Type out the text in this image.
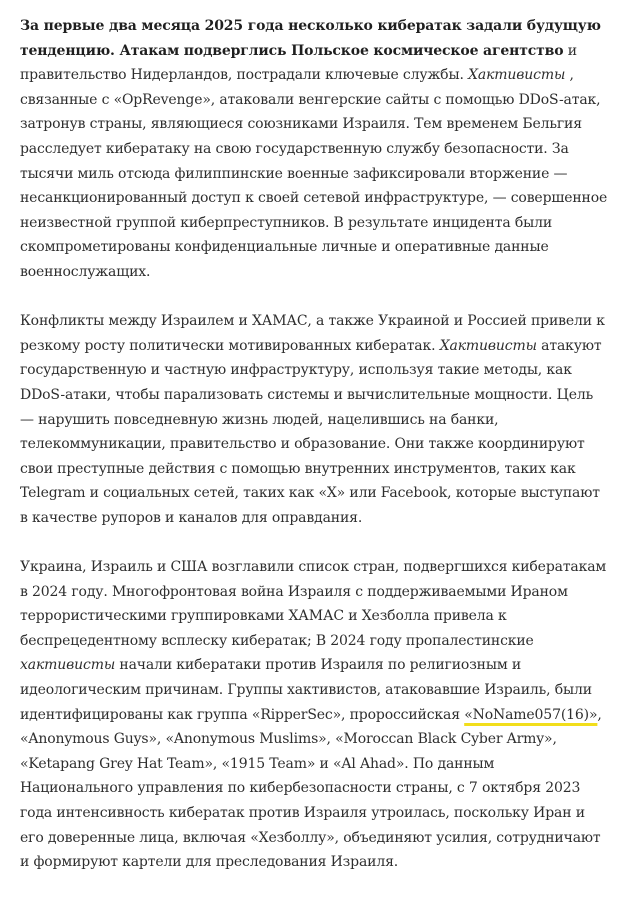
За первые два месяца 2025 года несколько кибератак задали будущую тенденцию. Атакам подверглись Польское космическое агентство и правительство Нидерландов, пострадали ключевые службы. Хактивисты , связанные с «OpRevenge», атаковали венгерские сайты с помощью DDoS-атак, затронув страны, являющиеся союзниками Израиля. Тем временем Бельгия расследует кибератаку на свою государственную службу безопасности. За тысячи миль отсюда филиппинские военные зафиксировали вторжение — несанкционированный доступ к своей сетевой инфраструктуре, — совершенное неизвестной группой киберпреступников. В результате инцидента были скомпрометированы конфиденциальные личные и оперативные данные военнослужащих.

Конфликты между Израилем и ХАМАС, а также Украиной и Россией привели к резкому росту политически мотивированных кибератак. Хактивисты атакуют государственную и частную инфраструктуру, используя такие методы, как DDoS-атаки, чтобы парализовать системы и вычислительные мощности. Цель — нарушить повседневную жизнь людей, нацелившись на банки, телекоммуникации, правительство и образование. Они также координируют свои преступные действия с помощью внутренних инструментов, таких как Telegram и социальных сетей, таких как «X» или Facebook, которые выступают в качестве рупоров и каналов для оправдания.

Украина, Израиль и США возглавили список стран, подвергшихся кибератакам в 2024 году. Многофронтовая война Израиля с поддерживаемыми Ираном террористическими группировками ХАМАС и Хезболла привела к беспрецедентному всплеску кибератак; В 2024 году пропалестинские хактивисты начали кибератаки против Израиля по религиозным и идеологическим причинам. Группы хактивистов, атаковавшие Израиль, были идентифицированы как группа «RipperSec», пророссийская «NoName057(16)», «Anonymous Guys», «Anonymous Muslims», «Moroccan Black Cyber Army», «Ketapang Grey Hat Team», «1915 Team» и «Al Ahad». По данным Национального управления по кибербезопасности страны, с 7 октября 2023 года интенсивность кибератак против Израиля утроилась, поскольку Иран и его доверенные лица, включая «Хезболлу», объединяют усилия, сотрудничают и формируют картели для преследования Израиля.
